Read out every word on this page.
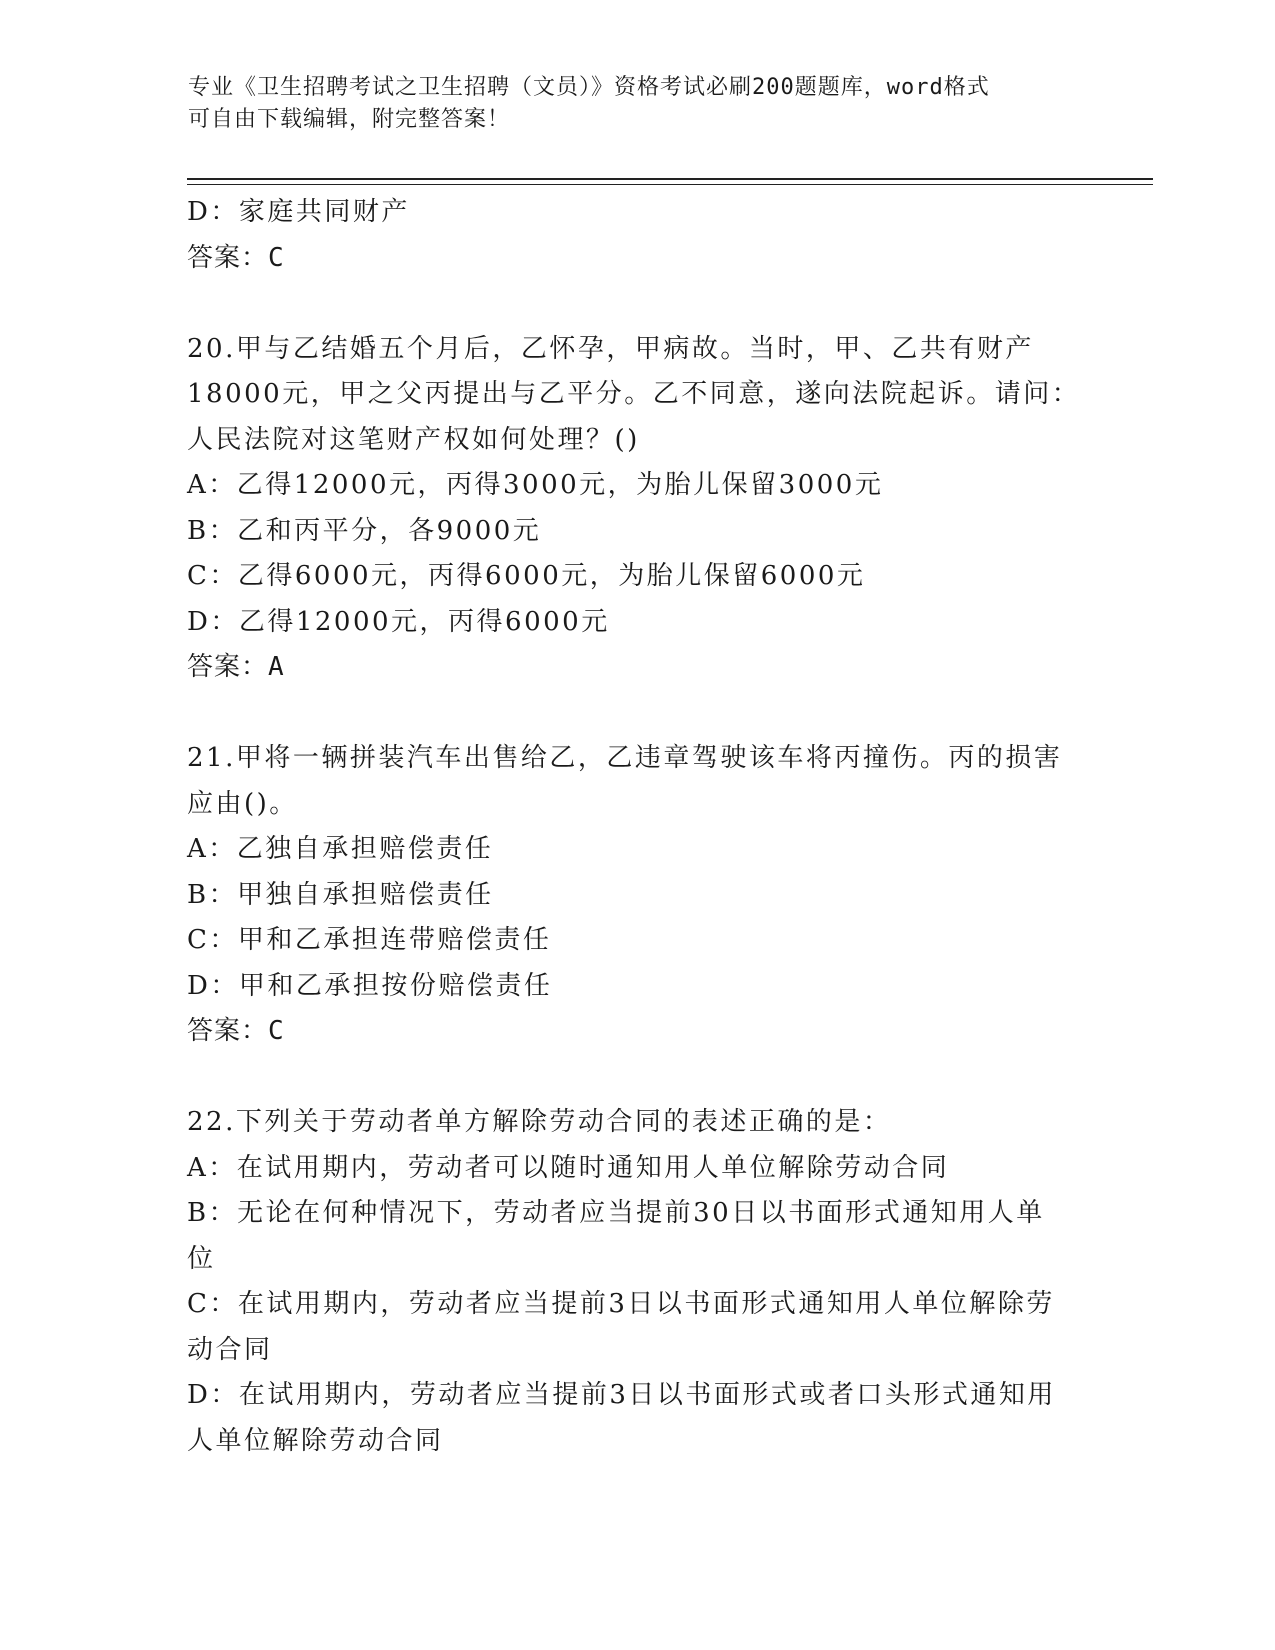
专业《卫生招聘考试之卫生招聘（文员）》资格考试必刷200题题库，word格式
可自由下载编辑，附完整答案！
D：家庭共同财产
答案：C
20.甲与乙结婚五个月后，乙怀孕，甲病故。当时，甲、乙共有财产
18000元，甲之父丙提出与乙平分。乙不同意，遂向法院起诉。请问：
人民法院对这笔财产权如何处理？()
A：乙得12000元，丙得3000元，为胎儿保留3000元
B：乙和丙平分，各9000元
C：乙得6000元，丙得6000元，为胎儿保留6000元
D：乙得12000元，丙得6000元
答案：A
21.甲将一辆拼装汽车出售给乙，乙违章驾驶该车将丙撞伤。丙的损害
应由()。
A：乙独自承担赔偿责任
B：甲独自承担赔偿责任
C：甲和乙承担连带赔偿责任
D：甲和乙承担按份赔偿责任
答案：C
22.下列关于劳动者单方解除劳动合同的表述正确的是：
A：在试用期内，劳动者可以随时通知用人单位解除劳动合同
B：无论在何种情况下，劳动者应当提前30日以书面形式通知用人单
位
C：在试用期内，劳动者应当提前3日以书面形式通知用人单位解除劳
动合同
D：在试用期内，劳动者应当提前3日以书面形式或者口头形式通知用
人单位解除劳动合同
